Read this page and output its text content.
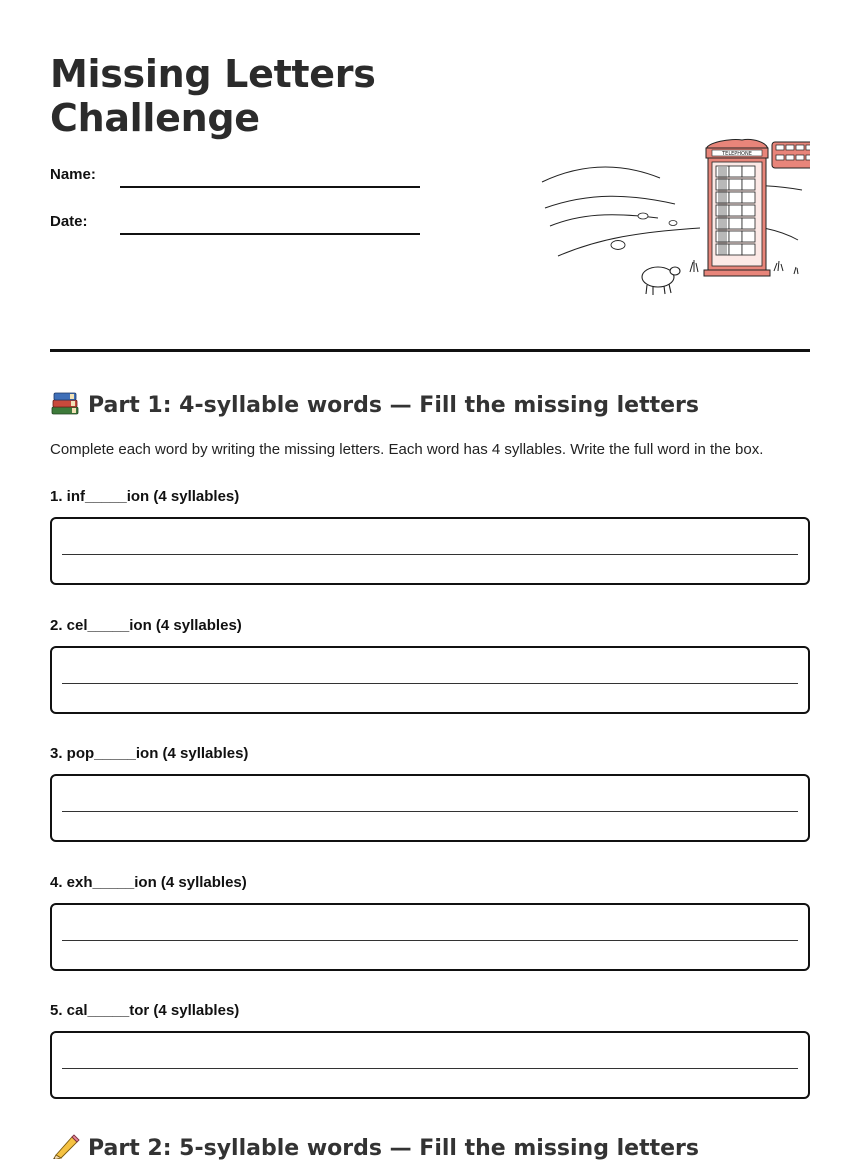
Missing Letters
Challenge
Name:
Date:
TELEPHONE
Part 1: 4-syllable words — Fill the missing letters

Complete each word by writing the missing letters. Each word has 4 syllables. Write the full word in the box.

1. inf_____ion (4 syllables)
2. cel_____ion (4 syllables)
3. pop_____ion (4 syllables)
4. exh_____ion (4 syllables)
5. cal_____tor (4 syllables)
Part 2: 5-syllable words — Fill the missing letters
